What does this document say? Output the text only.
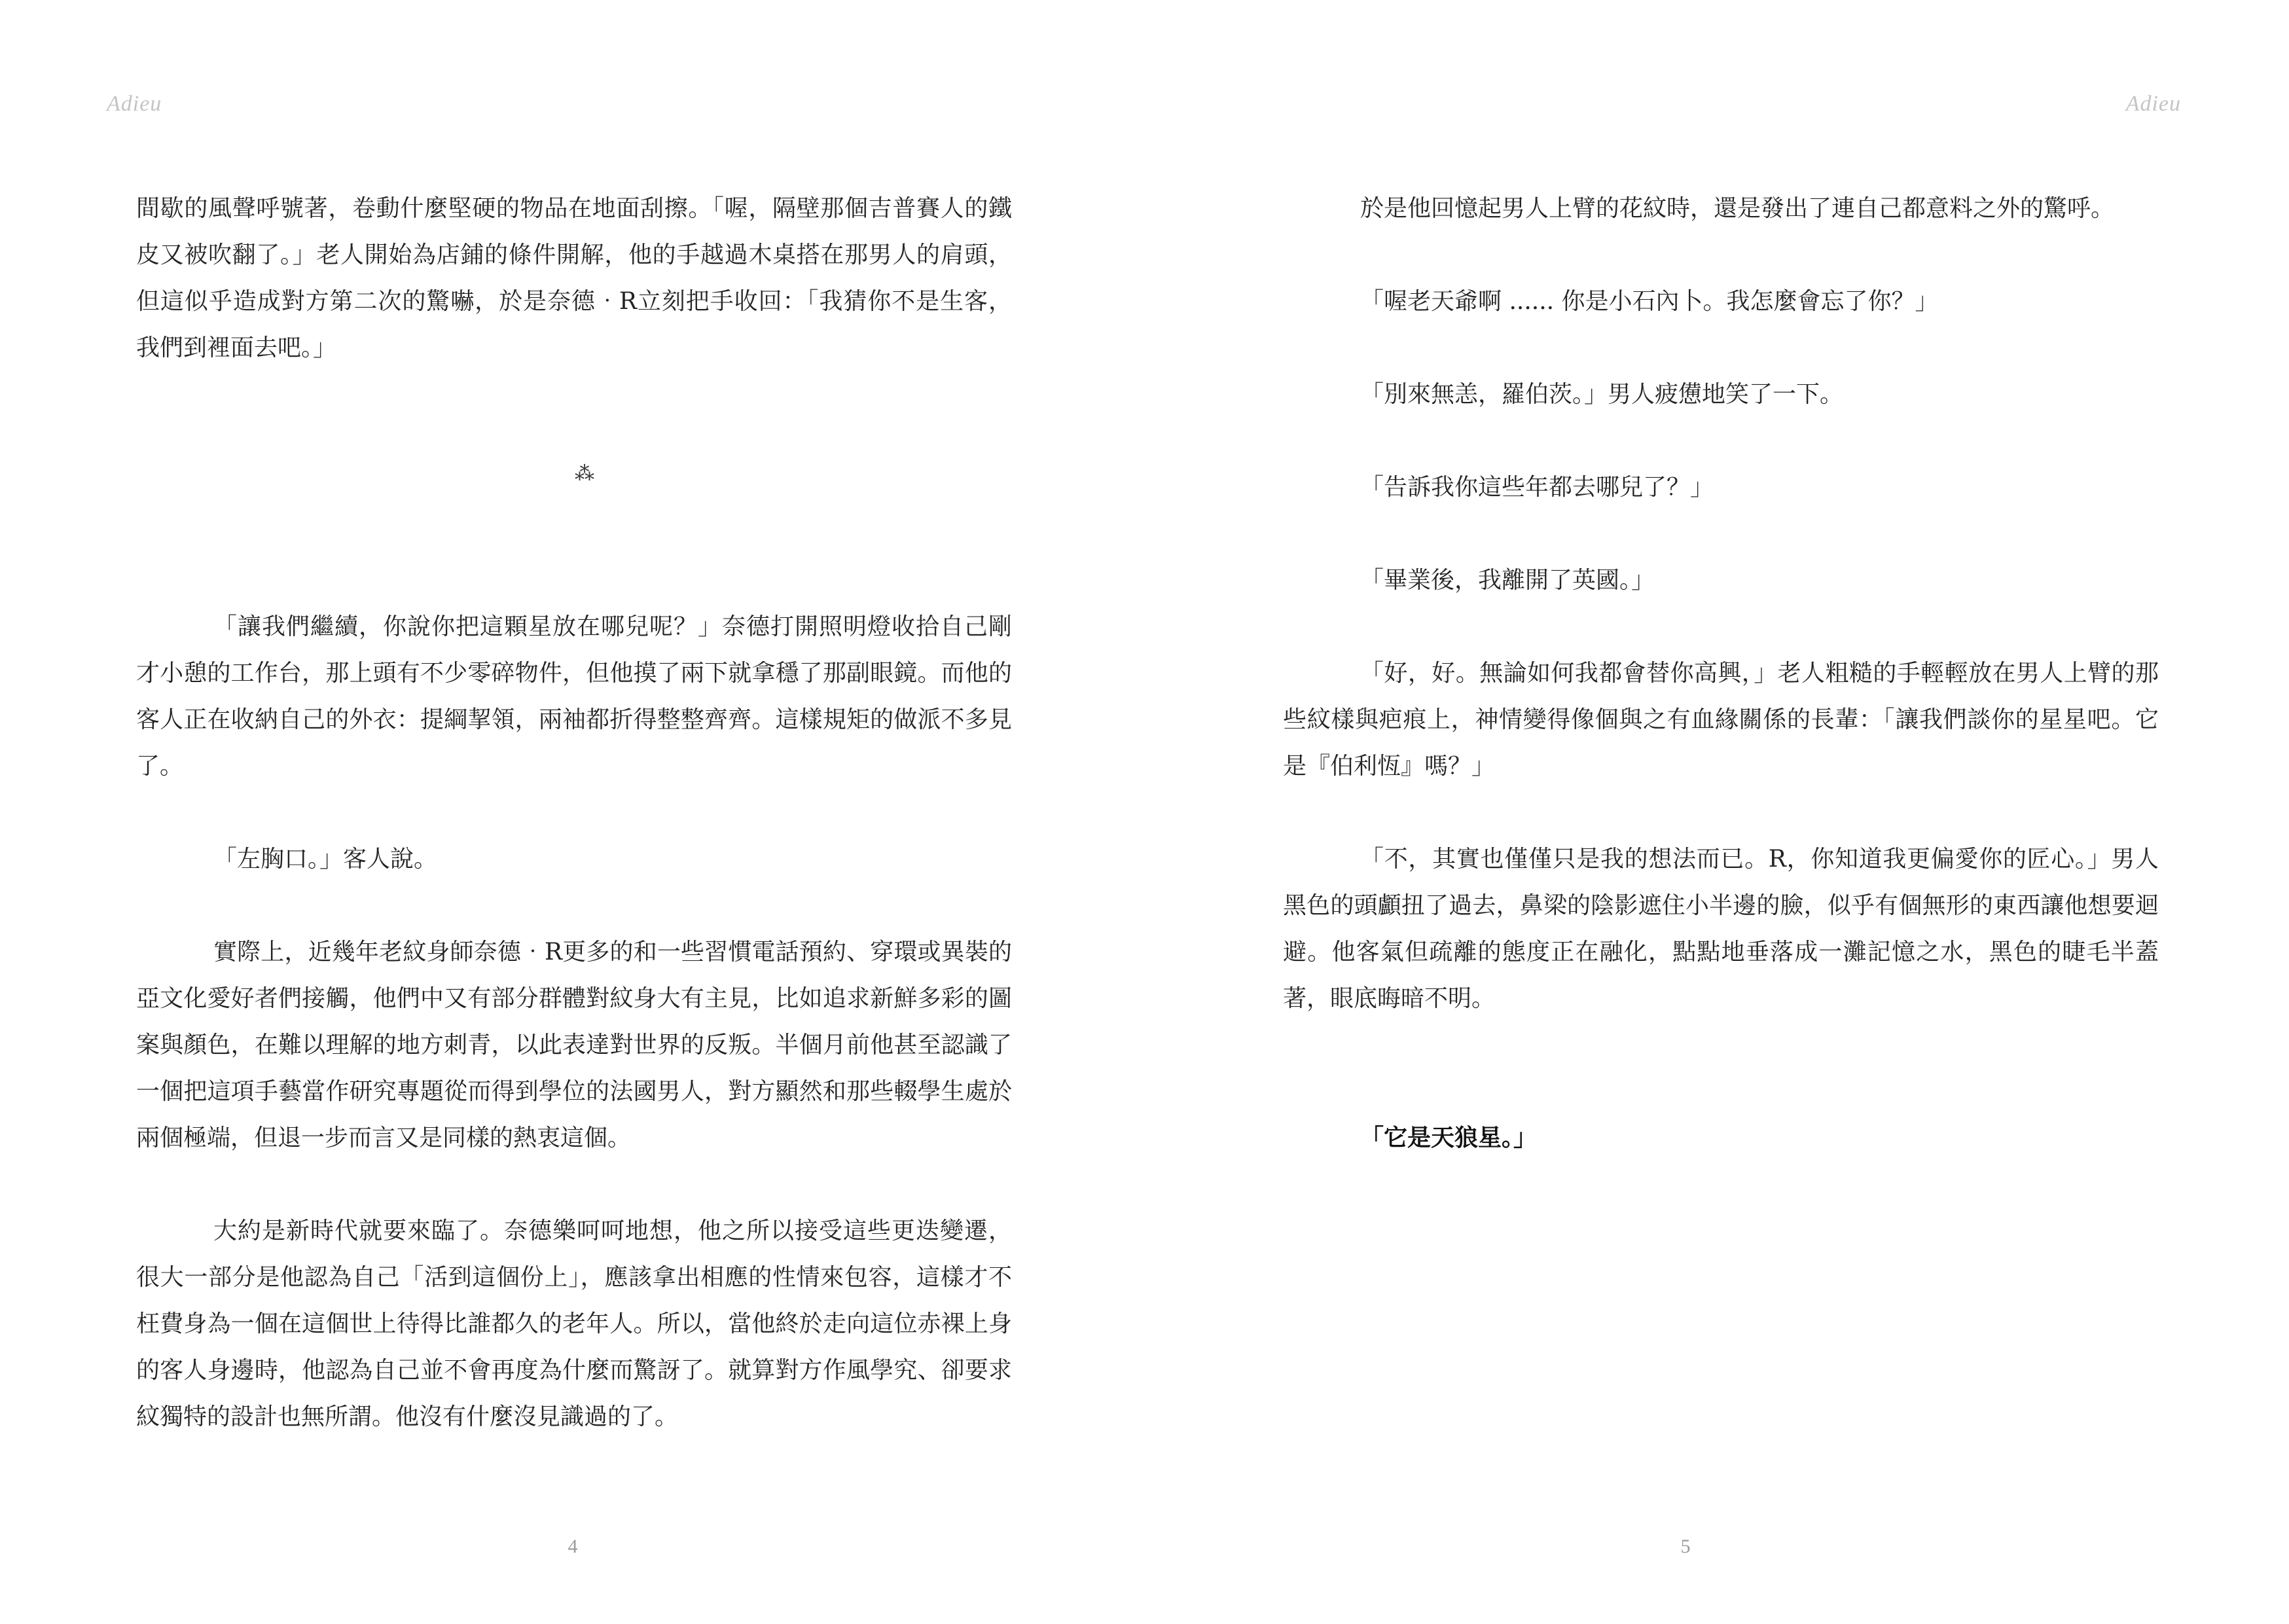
Adieu

間歇的風聲呼號著，卷動什麼堅硬的物品在地面刮擦。「喔，隔壁那個吉普賽人的鐵皮又被吹翻了。」老人開始為店鋪的條件開解，他的手越過木桌搭在那男人的肩頭，但這似乎造成對方第二次的驚嚇，於是奈德‧R立刻把手收回：「我猜你不是生客，我們到裡面去吧。」

⁂

「讓我們繼續，你說你把這顆星放在哪兒呢？」奈德打開照明燈收拾自己剛才小憩的工作台，那上頭有不少零碎物件，但他摸了兩下就拿穩了那副眼鏡。而他的客人正在收納自己的外衣：提綱挈領，兩袖都折得整整齊齊。這樣規矩的做派不多見了。

「左胸口。」客人說。

實際上，近幾年老紋身師奈德‧R更多的和一些習慣電話預約、穿環或異裝的亞文化愛好者們接觸，他們中又有部分群體對紋身大有主見，比如追求新鮮多彩的圖案與顏色，在難以理解的地方刺青，以此表達對世界的反叛。半個月前他甚至認識了一個把這項手藝當作研究專題從而得到學位的法國男人，對方顯然和那些輟學生處於兩個極端，但退一步而言又是同樣的熱衷這個。

大約是新時代就要來臨了。奈德樂呵呵地想，他之所以接受這些更迭變遷，很大一部分是他認為自己「活到這個份上」，應該拿出相應的性情來包容，這樣才不枉費身為一個在這個世上待得比誰都久的老年人。所以，當他終於走向這位赤裸上身的客人身邊時，他認為自己並不會再度為什麼而驚訝了。就算對方作風學究、卻要求紋獨特的設計也無所謂。他沒有什麼沒見識過的了。

4
Adieu

於是他回憶起男人上臂的花紋時，還是發出了連自己都意料之外的驚呼。

「喔老天爺啊 ...... 你是小石內卜。我怎麼會忘了你？」

「別來無恙，羅伯茨。」男人疲憊地笑了一下。

「告訴我你這些年都去哪兒了？」

「畢業後，我離開了英國。」

「好，好。無論如何我都會替你高興，」老人粗糙的手輕輕放在男人上臂的那些紋樣與疤痕上，神情變得像個與之有血緣關係的長輩：「讓我們談你的星星吧。它是『伯利恆』嗎？」

「不，其實也僅僅只是我的想法而已。R，你知道我更偏愛你的匠心。」男人黑色的頭顱扭了過去，鼻梁的陰影遮住小半邊的臉，似乎有個無形的東西讓他想要迴避。他客氣但疏離的態度正在融化，點點地垂落成一灘記憶之水，黑色的睫毛半蓋著，眼底晦暗不明。

「它是天狼星。」

5
